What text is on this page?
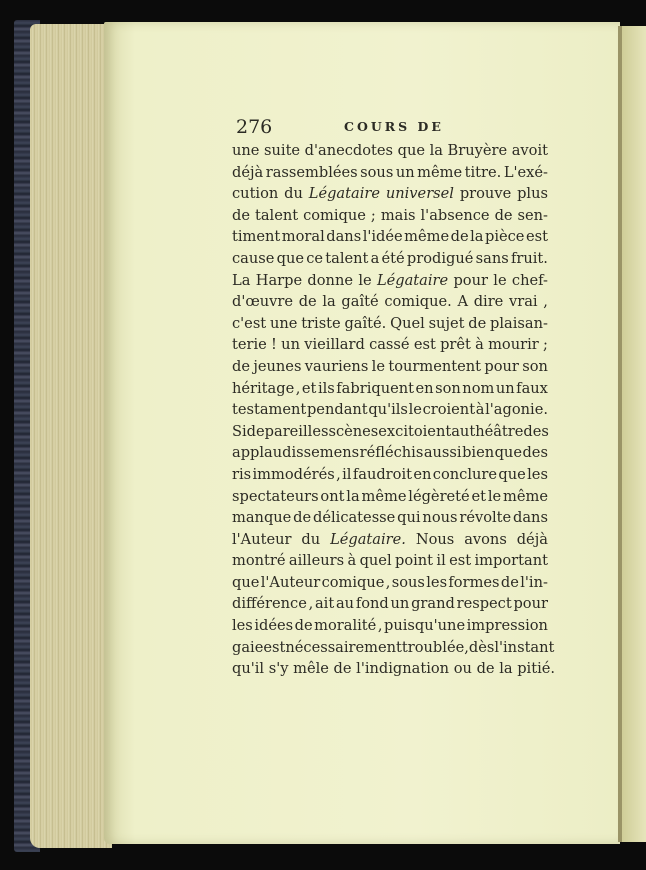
276	COURS DE
une suite d'anecdotes que la Bruyère avoit
déjà rassemblées sous un même titre. L'exé-
cution du Légataire universel prouve plus
de talent comique ; mais l'absence de sen-
timent moral dans l'idée même de la pièce est
cause que ce talent a été prodigué sans fruit.
La Harpe donne le Légataire pour le chef-
d'œuvre de la gaîté comique. A dire vrai ,
c'est une triste gaîté. Quel sujet de plaisan-
terie ! un vieillard cassé est prêt à mourir ;
de jeunes vauriens le tourmentent pour son
héritage , et ils fabriquent en son nom un faux
testament pendant qu'ils le croient à l'agonie.
Si de pareilles scènes excitoient au théâtre des
applaudissemens réfléchis aussi bien que des
ris immodérés , il faudroit en conclure que les
spectateurs ont la même légèreté et le même
manque de délicatesse qui nous révolte dans
l'Auteur du Légataire. Nous avons déjà
montré ailleurs à quel point il est important
que l'Auteur comique , sous les formes de l'in-
différence , ait au fond un grand respect pour
les idées de moralité , puisqu'une impression
gaie est nécessairement troublée , dès l'instant
qu'il
s'y
mêle
de
l'indignation
ou
de
la
pitié.
